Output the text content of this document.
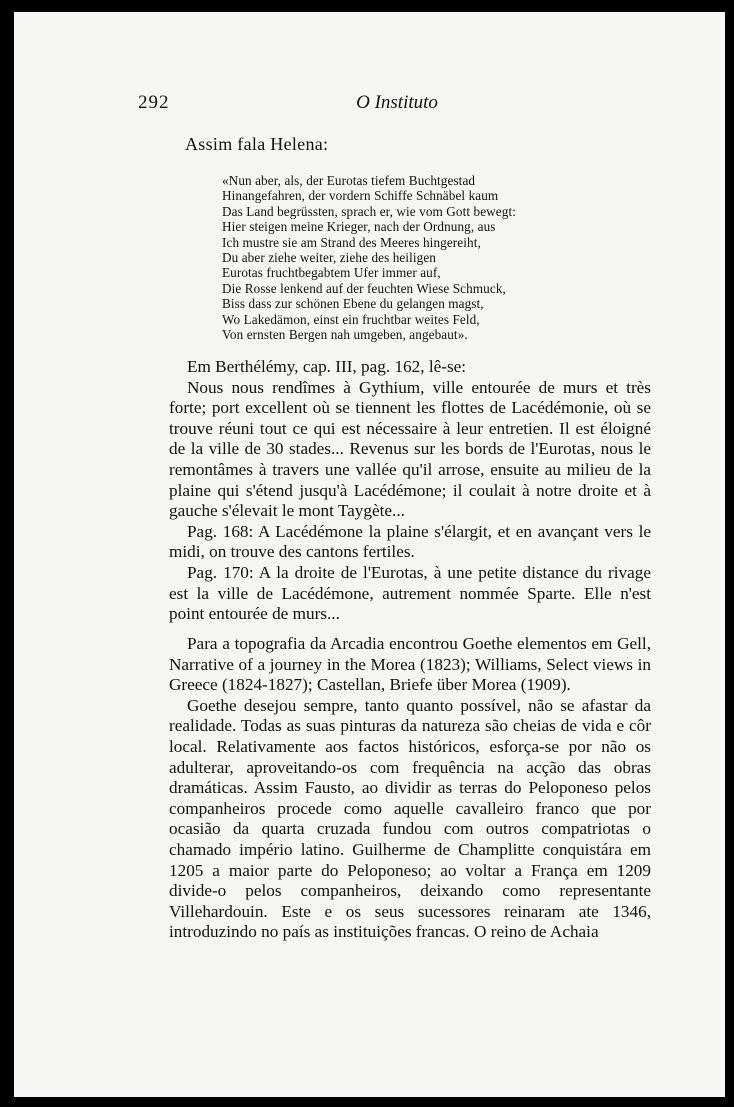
292	O Instituto
Assim fala Helena:
«Nun aber, als, der Eurotas tiefem Buchtgestad
Hinangefahren, der vordern Schiffe Schnäbel kaum
Das Land begrüssten, sprach er, wie vom Gott bewegt:
Hier steigen meine Krieger, nach der Ordnung, aus
Ich mustre sie am Strand des Meeres hingereiht,
Du aber ziehe weiter, ziehe des heiligen
Eurotas fruchtbegabtem Ufer immer auf,
Die Rosse lenkend auf der feuchten Wiese Schmuck,
Biss dass zur schönen Ebene du gelangen magst,
Wo Lakedämon, einst ein fruchtbar weites Feld,
Von ernsten Bergen nah umgeben, angebaut».

Em Berthélémy, cap. III, pag. 162, lê-se:

Nous nous rendîmes à Gythium, ville entourée de murs et très forte; port excellent où se tiennent les flottes de Lacédémonie, où se trouve réuni tout ce qui est nécessaire à leur entretien. Il est éloigné de la ville de 30 stades... Revenus sur les bords de l'Eurotas, nous le remontâmes à travers une vallée qu'il arrose, ensuite au milieu de la plaine qui s'étend jusqu'à Lacédémone; il coulait à notre droite et à gauche s'élevait le mont Taygète...

Pag. 168: A Lacédémone la plaine s'élargit, et en avançant vers le midi, on trouve des cantons fertiles.

Pag. 170: A la droite de l'Eurotas, à une petite distance du rivage est la ville de Lacédémone, autrement nommée Sparte. Elle n'est point entourée de murs...

Para a topografia da Arcadia encontrou Goethe elementos em Gell, Narrative of a journey in the Morea (1823); Williams, Select views in Greece (1824-1827); Castellan, Briefe über Morea (1909).

Goethe desejou sempre, tanto quanto possível, não se afastar da realidade. Todas as suas pinturas da natureza são cheias de vida e côr local. Relativamente aos factos históricos, esforça-se por não os adulterar, aproveitando-os com frequência na acção das obras dramáticas. Assim Fausto, ao dividir as terras do Peloponeso pelos companheiros procede como aquelle cavalleiro franco que por ocasião da quarta cruzada fundou com outros compatriotas o chamado império latino. Guilherme de Champlitte conquistára em 1205 a maior parte do Peloponeso; ao voltar a França em 1209 divide-o pelos companheiros, deixando como representante Villehardouin. Este e os seus sucessores reinaram ate 1346, introduzindo no país as instituições francas. O reino de Achaia
